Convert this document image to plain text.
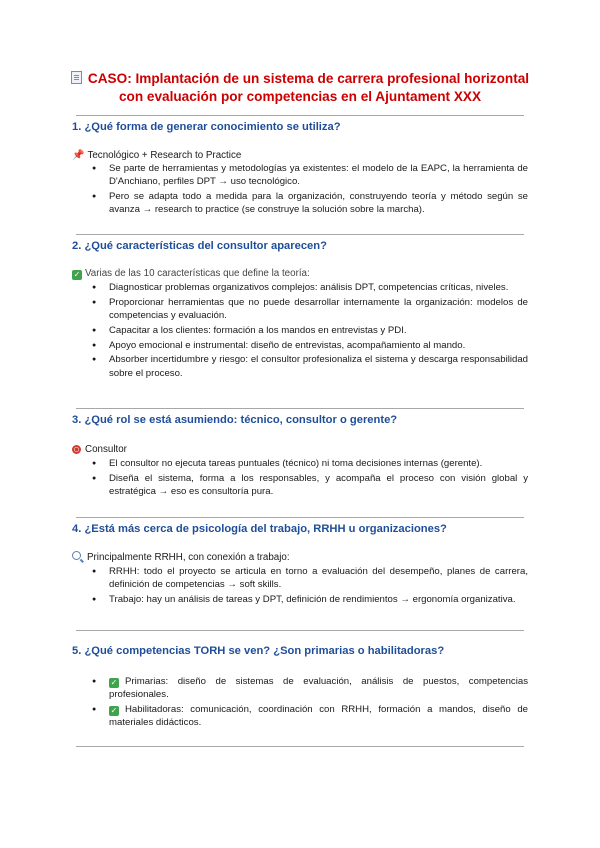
CASO: Implantación de un sistema de carrera profesional horizontal
con evaluación por competencias en el Ajuntament XXX
1. ¿Qué forma de generar conocimiento se utiliza?
📌 Tecnológico + Research to Practice
● Se parte de herramientas y metodologías ya existentes: el modelo de la EAPC, la herramienta de D'Anchiano, perfiles DPT → uso tecnológico.
● Pero se adapta todo a medida para la organización, construyendo teoría y método según se avanza → research to practice (se construye la solución sobre la marcha).
2. ¿Qué características del consultor aparecen?
✓ Varias de las 10 características que define la teoría:
● Diagnosticar problemas organizativos complejos: análisis DPT, competencias críticas, niveles.
● Proporcionar herramientas que no puede desarrollar internamente la organización: modelos de competencias y evaluación.
● Capacitar a los clientes: formación a los mandos en entrevistas y PDI.
● Apoyo emocional e instrumental: diseño de entrevistas, acompañamiento al mando.
● Absorber incertidumbre y riesgo: el consultor profesionaliza el sistema y descarga responsabilidad sobre el proceso.
3. ¿Qué rol se está asumiendo: técnico, consultor o gerente?
Consultor
● El consultor no ejecuta tareas puntuales (técnico) ni toma decisiones internas (gerente).
● Diseña el sistema, forma a los responsables, y acompaña el proceso con visión global y estratégica → eso es consultoría pura.
4. ¿Está más cerca de psicología del trabajo, RRHH u organizaciones?
Principalmente RRHH, con conexión a trabajo:
● RRHH: todo el proyecto se articula en torno a evaluación del desempeño, planes de carrera, definición de competencias → soft skills.
● Trabajo: hay un análisis de tareas y DPT, definición de rendimientos → ergonomía organizativa.
5. ¿Qué competencias TORH se ven? ¿Son primarias o habilitadoras?
● ✓ Primarias: diseño de sistemas de evaluación, análisis de puestos, competencias profesionales.
● ✓ Habilitadoras: comunicación, coordinación con RRHH, formación a mandos, diseño de materiales didácticos.
